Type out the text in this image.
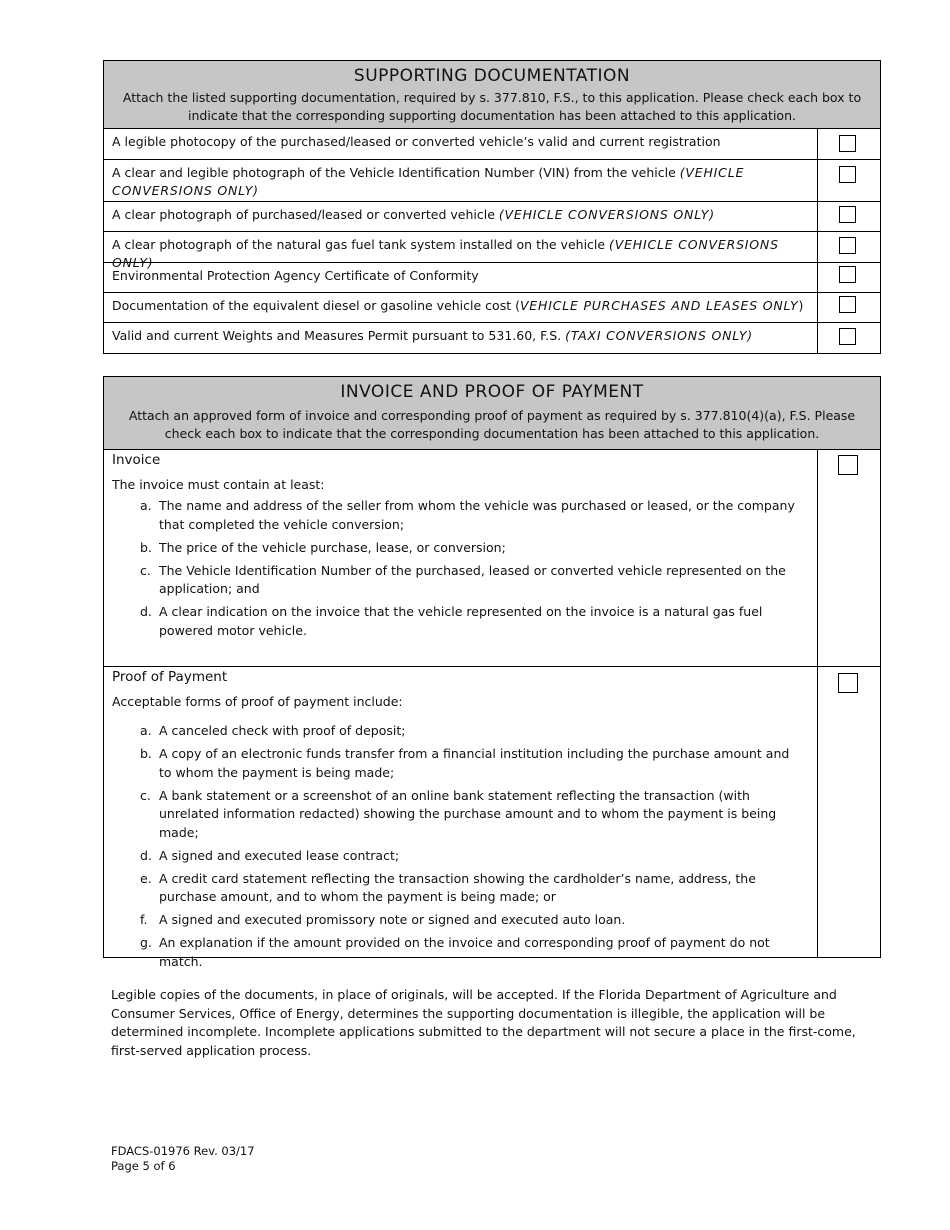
SUPPORTING DOCUMENTATION
Attach the listed supporting documentation, required by s. 377.810, F.S., to this application. Please check each box to indicate that the corresponding supporting documentation has been attached to this application.
A legible photocopy of the purchased/leased or converted vehicle’s valid and current registration
A clear and legible photograph of the Vehicle Identification Number (VIN) from the vehicle (VEHICLE CONVERSIONS ONLY)
A clear photograph of purchased/leased or converted vehicle (VEHICLE CONVERSIONS ONLY)
A clear photograph of the natural gas fuel tank system installed on the vehicle (VEHICLE CONVERSIONS ONLY)
Environmental Protection Agency Certificate of Conformity
Documentation of the equivalent diesel or gasoline vehicle cost (VEHICLE PURCHASES AND LEASES ONLY)
Valid and current Weights and Measures Permit pursuant to 531.60, F.S. (TAXI CONVERSIONS ONLY)
INVOICE AND PROOF OF PAYMENT
Attach an approved form of invoice and corresponding proof of payment as required by s. 377.810(4)(a), F.S. Please check each box to indicate that the corresponding documentation has been attached to this application.
Invoice
The invoice must contain at least:
a. The name and address of the seller from whom the vehicle was purchased or leased, or the company that completed the vehicle conversion;
b. The price of the vehicle purchase, lease, or conversion;
c. The Vehicle Identification Number of the purchased, leased or converted vehicle represented on the application; and
d. A clear indication on the invoice that the vehicle represented on the invoice is a natural gas fuel powered motor vehicle.
Proof of Payment
Acceptable forms of proof of payment include:
a. A canceled check with proof of deposit;
b. A copy of an electronic funds transfer from a financial institution including the purchase amount and to whom the payment is being made;
c. A bank statement or a screenshot of an online bank statement reflecting the transaction (with unrelated information redacted) showing the purchase amount and to whom the payment is being made;
d. A signed and executed lease contract;
e. A credit card statement reflecting the transaction showing the cardholder’s name, address, the purchase amount, and to whom the payment is being made; or
f. A signed and executed promissory note or signed and executed auto loan.
g. An explanation if the amount provided on the invoice and corresponding proof of payment do not match.
Legible copies of the documents, in place of originals, will be accepted. If the Florida Department of Agriculture and Consumer Services, Office of Energy, determines the supporting documentation is illegible, the application will be determined incomplete. Incomplete applications submitted to the department will not secure a place in the first-come, first-served application process.
FDACS-01976 Rev. 03/17
Page 5 of 6
